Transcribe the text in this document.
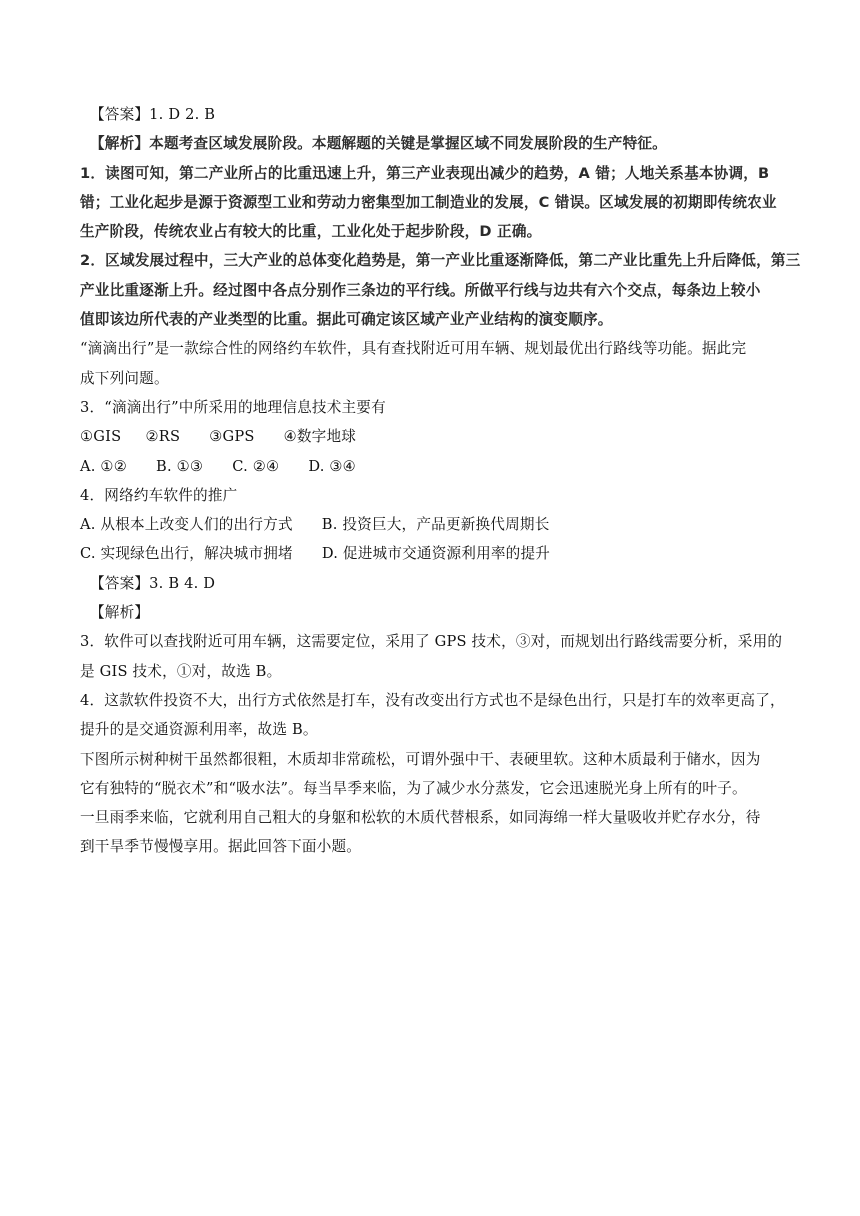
【答案】1. D 2. B
【解析】本题考查区域发展阶段。本题解题的关键是掌握区域不同发展阶段的生产特征。
1．读图可知，第二产业所占的比重迅速上升，第三产业表现出减少的趋势，A 错；人地关系基本协调，B
错；工业化起步是源于资源型工业和劳动力密集型加工制造业的发展，C 错误。区域发展的初期即传统农业
生产阶段，传统农业占有较大的比重，工业化处于起步阶段，D 正确。
2．区域发展过程中，三大产业的总体变化趋势是，第一产业比重逐渐降低，第二产业比重先上升后降低，第三
产业比重逐渐上升。经过图中各点分别作三条边的平行线。所做平行线与边共有六个交点，每条边上较小
值即该边所代表的产业类型的比重。据此可确定该区域产业产业结构的演变顺序。
“滴滴出行”是一款综合性的网络约车软件，具有查找附近可用车辆、规划最优出行路线等功能。据此完
成下列问题。
3．“滴滴出行”中所采用的地理信息技术主要有
①GIS     ②RS      ③GPS      ④数字地球
A. ①②      B. ①③      C. ②④      D. ③④
4．网络约车软件的推广
A. 从根本上改变人们的出行方式      B. 投资巨大，产品更新换代周期长
C. 实现绿色出行，解决城市拥堵      D. 促进城市交通资源利用率的提升
【答案】3. B 4. D
【解析】
3．软件可以查找附近可用车辆，这需要定位，采用了 GPS 技术，③对，而规划出行路线需要分析，采用的
是 GIS 技术，①对，故选 B。
4．这款软件投资不大，出行方式依然是打车，没有改变出行方式也不是绿色出行，只是打车的效率更高了，
提升的是交通资源利用率，故选 B。
下图所示树种树干虽然都很粗，木质却非常疏松，可谓外强中干、表硬里软。这种木质最利于储水，因为
它有独特的“脱衣术”和“吸水法”。每当旱季来临，为了减少水分蒸发，它会迅速脱光身上所有的叶子。
一旦雨季来临，它就利用自己粗大的身躯和松软的木质代替根系，如同海绵一样大量吸收并贮存水分，待
到干旱季节慢慢享用。据此回答下面小题。
